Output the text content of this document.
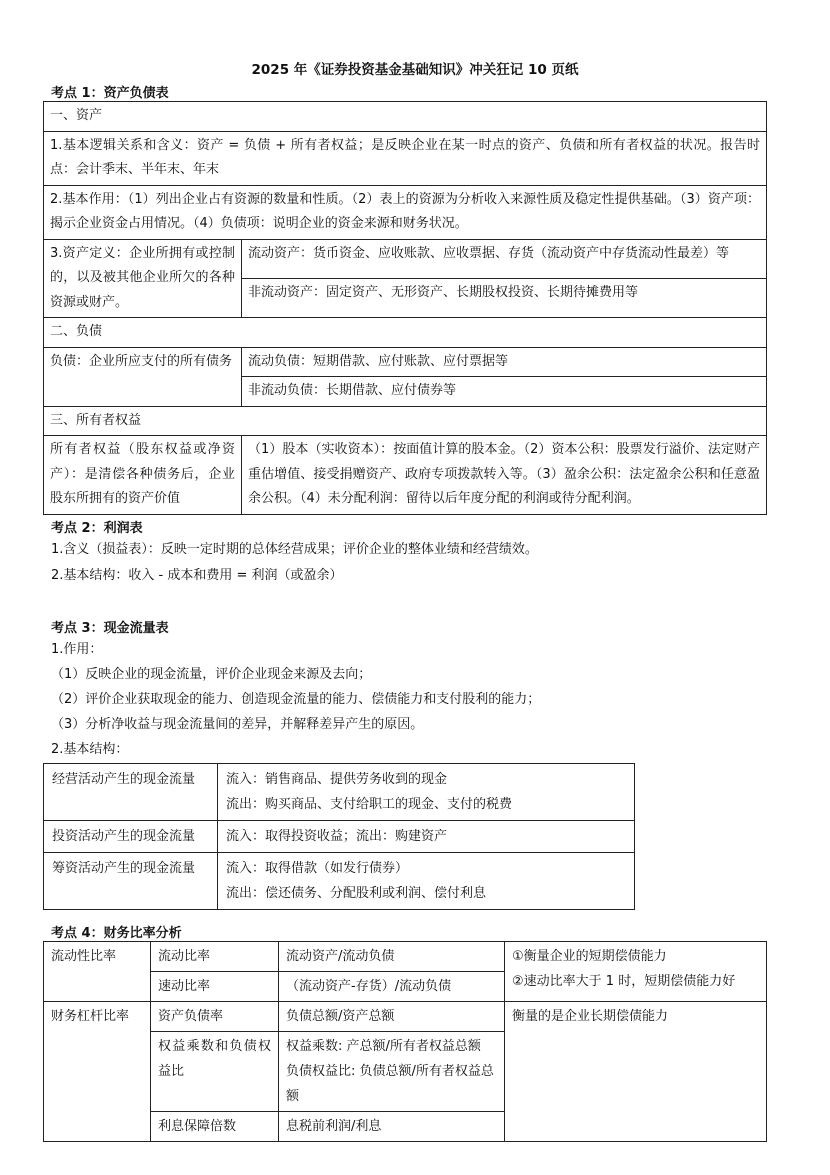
2025 年《证券投资基金基础知识》冲关狂记 10 页纸
考点 1：资产负债表
一、资产	
1.基本逻辑关系和含义：资产 = 负债 + 所有者权益；是反映企业在某一时点的资产、负债和所有者权益的状况。报告时点：会计季末、半年末、年末	
2.基本作用：（1）列出企业占有资源的数量和性质。（2）表上的资源为分析收入来源性质及稳定性提供基础。（3）资产项：揭示企业资金占用情况。（4）负债项：说明企业的资金来源和财务状况。	
3.资产定义：企业所拥有或控制的，以及被其他企业所欠的各种资源或财产。	流动资产：货币资金、应收账款、应收票据、存货（流动资产中存货流动性最差）等
	非流动资产：固定资产、无形资产、长期股权投资、长期待摊费用等
二、负债	
负债：企业所应支付的所有债务	流动负债：短期借款、应付账款、应付票据等
	非流动负债：长期借款、应付债券等
三、所有者权益	
所有者权益（股东权益或净资产）：是清偿各种债务后，企业股东所拥有的资产价值	（1）股本（实收资本）：按面值计算的股本金。（2）资本公积：股票发行溢价、法定财产重估增值、接受捐赠资产、政府专项拨款转入等。（3）盈余公积：法定盈余公积和任意盈余公积。（4）未分配利润：留待以后年度分配的利润或待分配利润。
考点 2：利润表
1.含义（损益表）：反映一定时期的总体经营成果；评价企业的整体业绩和经营绩效。
2.基本结构：收入 - 成本和费用 = 利润（或盈余）
考点 3：现金流量表
1.作用：
（1）反映企业的现金流量，评价企业现金来源及去向；
（2）评价企业获取现金的能力、创造现金流量的能力、偿债能力和支付股利的能力；
（3）分析净收益与现金流量间的差异，并解释差异产生的原因。
2.基本结构：
经营活动产生的现金流量	流入：销售商品、提供劳务收到的现金
流出：购买商品、支付给职工的现金、支付的税费

投资活动产生的现金流量	流入：取得投资收益；流出：购建资产

筹资活动产生的现金流量	流入：取得借款（如发行债券）
流出：偿还债务、分配股利或利润、偿付利息
考点 4：财务比率分析
流动性比率	流动比率	流动资产/流动负债	①衡量企业的短期偿债能力
②速动比率大于 1 时，短期偿债能力好

	速动比率	（流动资产-存货）/流动负债	
财务杠杆比率	资产负债率	负债总额/资产总额	衡量的是企业长期偿债能力
	权益乘数和负债权益比	权益乘数: 产总额/所有者权益总额
负债权益比: 负债总额/所有者权益总额	

	利息保障倍数	息税前利润/利息	
